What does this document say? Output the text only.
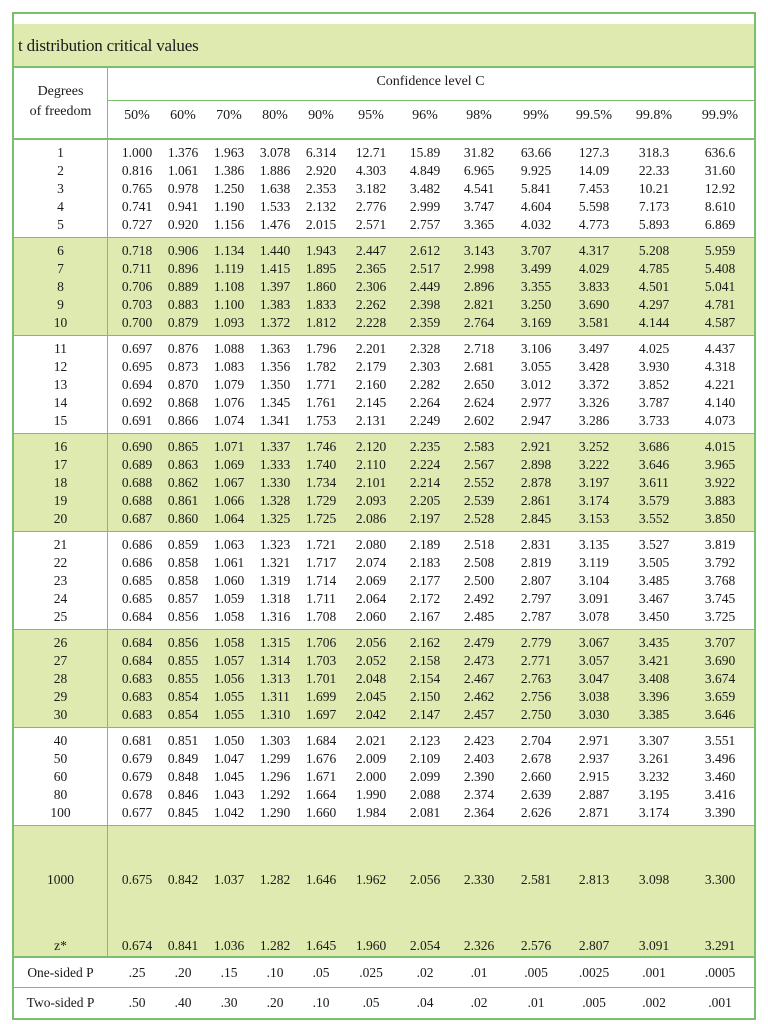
t distribution critical values
Degrees
of freedom
Confidence level C
50%	60%	70%	80%	90%	95%	96%	98%	99%	99.5%	99.8%	99.9%
1	1.000	1.376	1.963	3.078	6.314	12.71	15.89	31.82	63.66	127.3	318.3	636.6
2	0.816	1.061	1.386	1.886	2.920	4.303	4.849	6.965	9.925	14.09	22.33	31.60
3	0.765	0.978	1.250	1.638	2.353	3.182	3.482	4.541	5.841	7.453	10.21	12.92
4	0.741	0.941	1.190	1.533	2.132	2.776	2.999	3.747	4.604	5.598	7.173	8.610
5	0.727	0.920	1.156	1.476	2.015	2.571	2.757	3.365	4.032	4.773	5.893	6.869
6	0.718	0.906	1.134	1.440	1.943	2.447	2.612	3.143	3.707	4.317	5.208	5.959
7	0.711	0.896	1.119	1.415	1.895	2.365	2.517	2.998	3.499	4.029	4.785	5.408
8	0.706	0.889	1.108	1.397	1.860	2.306	2.449	2.896	3.355	3.833	4.501	5.041
9	0.703	0.883	1.100	1.383	1.833	2.262	2.398	2.821	3.250	3.690	4.297	4.781
10	0.700	0.879	1.093	1.372	1.812	2.228	2.359	2.764	3.169	3.581	4.144	4.587
11	0.697	0.876	1.088	1.363	1.796	2.201	2.328	2.718	3.106	3.497	4.025	4.437
12	0.695	0.873	1.083	1.356	1.782	2.179	2.303	2.681	3.055	3.428	3.930	4.318
13	0.694	0.870	1.079	1.350	1.771	2.160	2.282	2.650	3.012	3.372	3.852	4.221
14	0.692	0.868	1.076	1.345	1.761	2.145	2.264	2.624	2.977	3.326	3.787	4.140
15	0.691	0.866	1.074	1.341	1.753	2.131	2.249	2.602	2.947	3.286	3.733	4.073
16	0.690	0.865	1.071	1.337	1.746	2.120	2.235	2.583	2.921	3.252	3.686	4.015
17	0.689	0.863	1.069	1.333	1.740	2.110	2.224	2.567	2.898	3.222	3.646	3.965
18	0.688	0.862	1.067	1.330	1.734	2.101	2.214	2.552	2.878	3.197	3.611	3.922
19	0.688	0.861	1.066	1.328	1.729	2.093	2.205	2.539	2.861	3.174	3.579	3.883
20	0.687	0.860	1.064	1.325	1.725	2.086	2.197	2.528	2.845	3.153	3.552	3.850
21	0.686	0.859	1.063	1.323	1.721	2.080	2.189	2.518	2.831	3.135	3.527	3.819
22	0.686	0.858	1.061	1.321	1.717	2.074	2.183	2.508	2.819	3.119	3.505	3.792
23	0.685	0.858	1.060	1.319	1.714	2.069	2.177	2.500	2.807	3.104	3.485	3.768
24	0.685	0.857	1.059	1.318	1.711	2.064	2.172	2.492	2.797	3.091	3.467	3.745
25	0.684	0.856	1.058	1.316	1.708	2.060	2.167	2.485	2.787	3.078	3.450	3.725
26	0.684	0.856	1.058	1.315	1.706	2.056	2.162	2.479	2.779	3.067	3.435	3.707
27	0.684	0.855	1.057	1.314	1.703	2.052	2.158	2.473	2.771	3.057	3.421	3.690
28	0.683	0.855	1.056	1.313	1.701	2.048	2.154	2.467	2.763	3.047	3.408	3.674
29	0.683	0.854	1.055	1.311	1.699	2.045	2.150	2.462	2.756	3.038	3.396	3.659
30	0.683	0.854	1.055	1.310	1.697	2.042	2.147	2.457	2.750	3.030	3.385	3.646
40	0.681	0.851	1.050	1.303	1.684	2.021	2.123	2.423	2.704	2.971	3.307	3.551
50	0.679	0.849	1.047	1.299	1.676	2.009	2.109	2.403	2.678	2.937	3.261	3.496
60	0.679	0.848	1.045	1.296	1.671	2.000	2.099	2.390	2.660	2.915	3.232	3.460
80	0.678	0.846	1.043	1.292	1.664	1.990	2.088	2.374	2.639	2.887	3.195	3.416
100	0.677	0.845	1.042	1.290	1.660	1.984	2.081	2.364	2.626	2.871	3.174	3.390
1000	0.675	0.842	1.037	1.282	1.646	1.962	2.056	2.330	2.581	2.813	3.098	3.300
z*	0.674	0.841	1.036	1.282	1.645	1.960	2.054	2.326	2.576	2.807	3.091	3.291
One-sided P	.25	.20	.15	.10	.05	.025	.02	.01	.005	.0025	.001	.0005
Two-sided P	.50	.40	.30	.20	.10	.05	.04	.02	.01	.005	.002	.001
